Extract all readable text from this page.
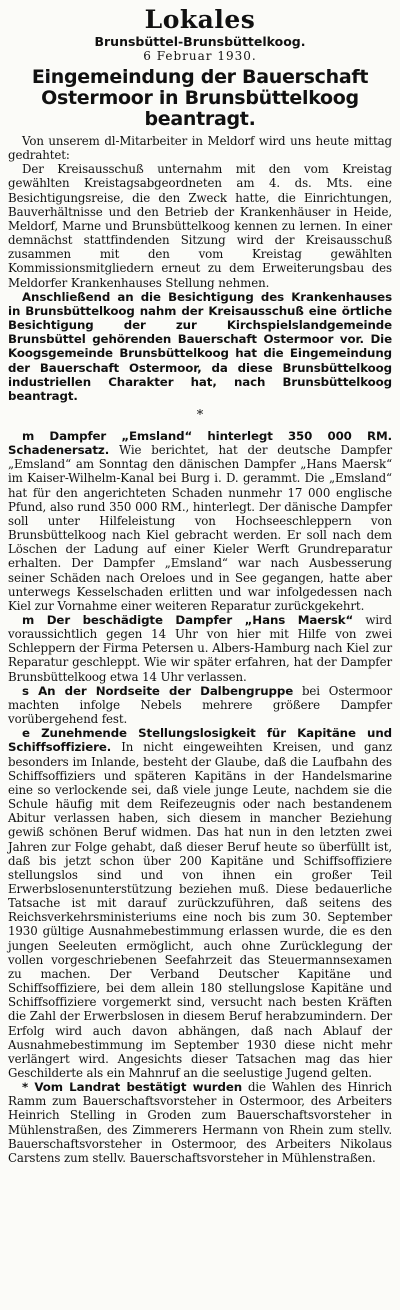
Lokales
Brunsbüttel-Brunsbüttelkoog.
6 Februar 1930.
Eingemeindung der Bauerschaft Ostermoor in Brunsbüttelkoog beantragt.

Von unserem dl-Mitarbeiter in Meldorf wird uns heute mittag gedrahtet:

Der Kreisausschuß unternahm mit den vom Kreistag gewählten Kreistagsabgeordneten am 4. ds. Mts. eine Besichtigungsreise, die den Zweck hatte, die Einrichtungen, Bauverhältnisse und den Betrieb der Krankenhäuser in Heide, Meldorf, Marne und Brunsbüttelkoog kennen zu lernen. In einer demnächst stattfindenden Sitzung wird der Kreisausschuß zusammen mit den vom Kreistag gewählten Kommissionsmitgliedern erneut zu dem Erweiterungsbau des Meldorfer Krankenhauses Stellung nehmen.

Anschließend an die Besichtigung des Krankenhauses in Brunsbüttelkoog nahm der Kreisausschuß eine örtliche Besichtigung der zur Kirchspielslandgemeinde Brunsbüttel gehörenden Bauerschaft Ostermoor vor. Die Koogsgemeinde Brunsbüttelkoog hat die Eingemeindung der Bauerschaft Ostermoor, da diese Brunsbüttelkoog industriellen Charakter hat, nach Brunsbüttelkoog beantragt.

*

m Dampfer „Emsland“ hinterlegt 350 000 RM. Schadenersatz. Wie berichtet, hat der deutsche Dampfer „Emsland“ am Sonntag den dänischen Dampfer „Hans Maersk“ im Kaiser-Wilhelm-Kanal bei Burg i. D. gerammt. Die „Emsland“ hat für den angerichteten Schaden nunmehr 17 000 englische Pfund, also rund 350 000 RM., hinterlegt. Der dänische Dampfer soll unter Hilfeleistung von Hochseeschleppern von Brunsbüttelkoog nach Kiel gebracht werden. Er soll nach dem Löschen der Ladung auf einer Kieler Werft Grundreparatur erhalten. Der Dampfer „Emsland“ war nach Ausbesserung seiner Schäden nach Oreloes und in See gegangen, hatte aber unterwegs Kesselschaden erlitten und war infolgedessen nach Kiel zur Vornahme einer weiteren Reparatur zurückgekehrt.

m Der beschädigte Dampfer „Hans Maersk“ wird voraussichtlich gegen 14 Uhr von hier mit Hilfe von zwei Schleppern der Firma Petersen u. Albers-Hamburg nach Kiel zur Reparatur geschleppt. Wie wir später erfahren, hat der Dampfer Brunsbüttelkoog etwa 14 Uhr verlassen.

s An der Nordseite der Dalbengruppe bei Ostermoor machten infolge Nebels mehrere größere Dampfer vorübergehend fest.

e Zunehmende Stellungslosigkeit für Kapitäne und Schiffsoffiziere. In nicht eingeweihten Kreisen, und ganz besonders im Inlande, besteht der Glaube, daß die Laufbahn des Schiffsoffiziers und späteren Kapitäns in der Handelsmarine eine so verlockende sei, daß viele junge Leute, nachdem sie die Schule häufig mit dem Reifezeugnis oder nach bestandenem Abitur verlassen haben, sich diesem in mancher Beziehung gewiß schönen Beruf widmen. Das hat nun in den letzten zwei Jahren zur Folge gehabt, daß dieser Beruf heute so überfüllt ist, daß bis jetzt schon über 200 Kapitäne und Schiffsoffiziere stellungslos sind und von ihnen ein großer Teil Erwerbslosenunterstützung beziehen muß. Diese bedauerliche Tatsache ist mit darauf zurückzuführen, daß seitens des Reichsverkehrsministeriums eine noch bis zum 30. September 1930 gültige Ausnahmebestimmung erlassen wurde, die es den jungen Seeleuten ermöglicht, auch ohne Zurücklegung der vollen vorgeschriebenen Seefahrzeit das Steuermannsexamen zu machen. Der Verband Deutscher Kapitäne und Schiffsoffiziere, bei dem allein 180 stellungslose Kapitäne und Schiffsoffiziere vorgemerkt sind, versucht nach besten Kräften die Zahl der Erwerbslosen in diesem Beruf herabzumindern. Der Erfolg wird auch davon abhängen, daß nach Ablauf der Ausnahmebestimmung im September 1930 diese nicht mehr verlängert wird. Angesichts dieser Tatsachen mag das hier Geschilderte als ein Mahnruf an die seelustige Jugend gelten.

* Vom Landrat bestätigt wurden die Wahlen des Hinrich Ramm zum Bauerschaftsvorsteher in Ostermoor, des Arbeiters Heinrich Stelling in Groden zum Bauerschaftsvorsteher in Mühlenstraßen, des Zimmerers Hermann von Rhein zum stellv. Bauerschaftsvorsteher in Ostermoor, des Arbeiters Nikolaus Carstens zum stellv. Bauerschaftsvorsteher in Mühlenstraßen.
